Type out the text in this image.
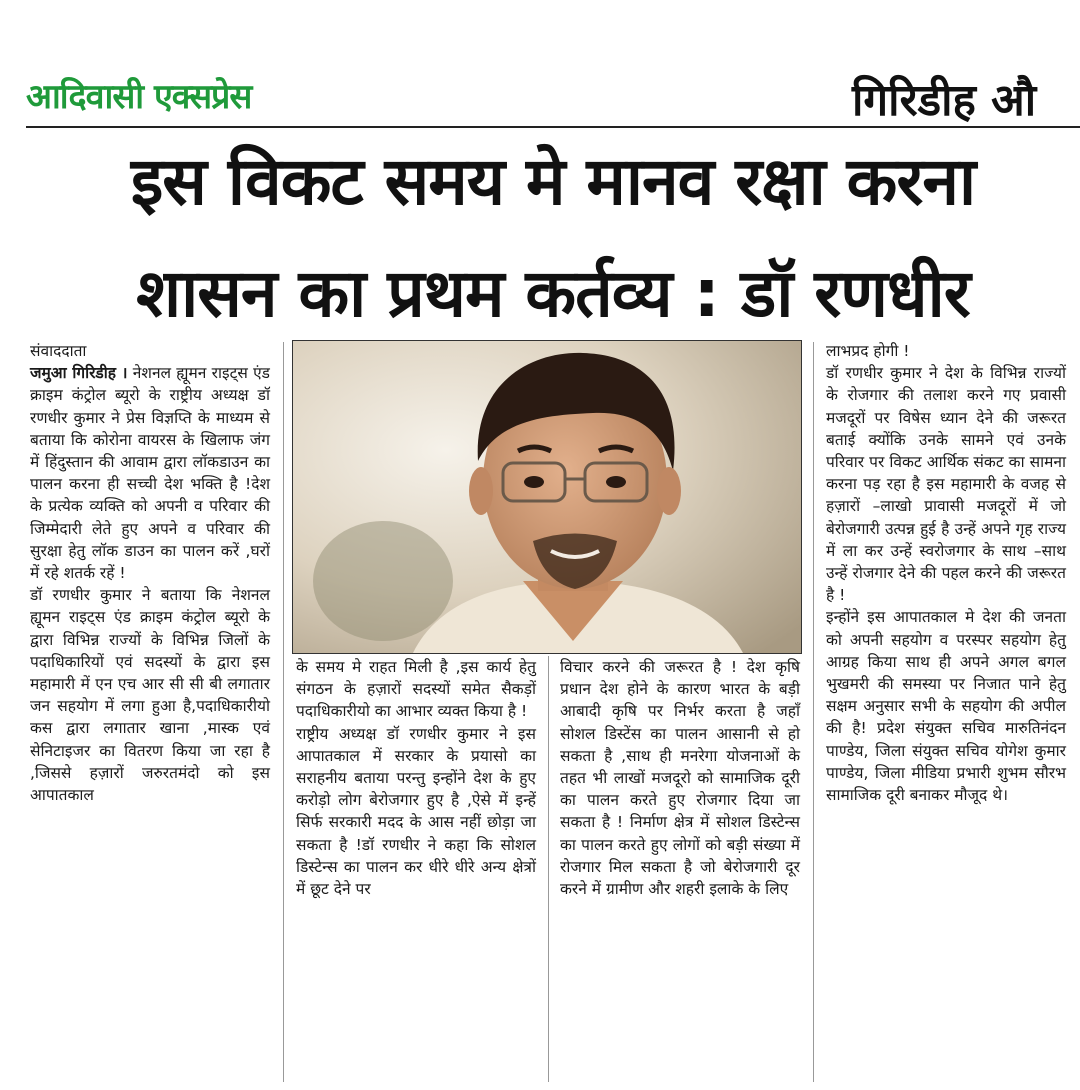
आदिवासी एक्सप्रेस	गिरिडीह औ
इस विकट समय मे मानव रक्षा करना
शासन का प्रथम कर्तव्य : डॉ रणधीर
संवाददाता

जमुआ गिरिडीह । नेशनल ह्यूमन राइट्स एंड क्राइम कंट्रोल ब्यूरो के राष्ट्रीय अध्यक्ष डॉ रणधीर कुमार ने प्रेस विज्ञप्ति के माध्यम से बताया कि कोरोना वायरस के खिलाफ जंग में हिंदुस्तान की आवाम द्वारा लॉकडाउन का पालन करना ही सच्ची देश भक्ति है !देश के प्रत्येक व्यक्ति को अपनी व परिवार की जिम्मेदारी लेते हुए अपने व परिवार की सुरक्षा हेतु लॉक डाउन का पालन करें ,घरों में रहे शतर्क रहें !

डॉ रणधीर कुमार ने बताया कि नेशनल ह्यूमन राइट्स एंड क्राइम कंट्रोल ब्यूरो के द्वारा विभिन्न राज्यों के विभिन्न जिलों के पदाधिकारियों एवं सदस्यों के द्वारा इस महामारी में एन एच आर सी सी बी लगातार जन सहयोग में लगा हुआ है,पदाधिकारीयो कस द्वारा लगातार खाना ,मास्क एवं सेनिटाइजर का वितरण किया जा रहा है ,जिससे हज़ारों जरुरतमंदो को इस आपातकाल

के समय मे राहत मिली है ,इस कार्य हेतु संगठन के हज़ारों सदस्यों समेत सैकड़ों पदाधिकारीयो का आभार व्यक्त किया है !

राष्ट्रीय अध्यक्ष डॉ रणधीर कुमार ने इस आपातकाल में सरकार के प्रयासो का सराहनीय बताया परन्तु इन्होंने देश के हुए करोड़ो लोग बेरोजगार हुए है ,ऐसे में इन्हें सिर्फ सरकारी मदद के आस नहीं छोड़ा जा सकता है !डॉ रणधीर ने कहा कि सोशल डिस्टेन्स का पालन कर धीरे धीरे अन्य क्षेत्रों में छूट देने पर

विचार करने की जरूरत है ! देश कृषि प्रधान देश होने के कारण भारत के बड़ी आबादी कृषि पर निर्भर करता है जहाँ सोशल डिस्टेंस का पालन आसानी से हो सकता है ,साथ ही मनरेगा योजनाओं के तहत भी लाखों मजदूरो को सामाजिक दूरी का पालन करते हुए रोजगार दिया जा सकता है ! निर्माण क्षेत्र में सोशल डिस्टेन्स का पालन करते हुए लोगों को बड़ी संख्या में रोजगार मिल सकता है जो बेरोजगारी दूर करने में ग्रामीण और शहरी इलाके के लिए

लाभप्रद होगी !

डॉ रणधीर कुमार ने देश के विभिन्न राज्यों के रोजगार की तलाश करने गए प्रवासी मजदूरों पर विषेस ध्यान देने की जरूरत बताई क्योंकि उनके सामने एवं उनके परिवार पर विकट आर्थिक संकट का सामना करना पड़ रहा है इस महामारी के वजह से हज़ारों –लाखो प्रावासी मजदूरों में जो बेरोजगारी उत्पन्न हुई है उन्हें अपने गृह राज्य में ला कर उन्हें स्वरोजगार के साथ –साथ उन्हें रोजगार देने की पहल करने की जरूरत है !

इन्होंने इस आपातकाल मे देश की जनता को अपनी सहयोग व परस्पर सहयोग हेतु आग्रह किया साथ ही अपने अगल बगल भुखमरी की समस्या पर निजात पाने हेतु सक्षम अनुसार सभी के सहयोग की अपील की है! प्रदेश संयुक्त सचिव मारुतिनंदन पाण्डेय, जिला संयुक्त सचिव योगेश कुमार पाण्डेय, जिला मीडिया प्रभारी शुभम सौरभ सामाजिक दूरी बनाकर मौजूद थे।
